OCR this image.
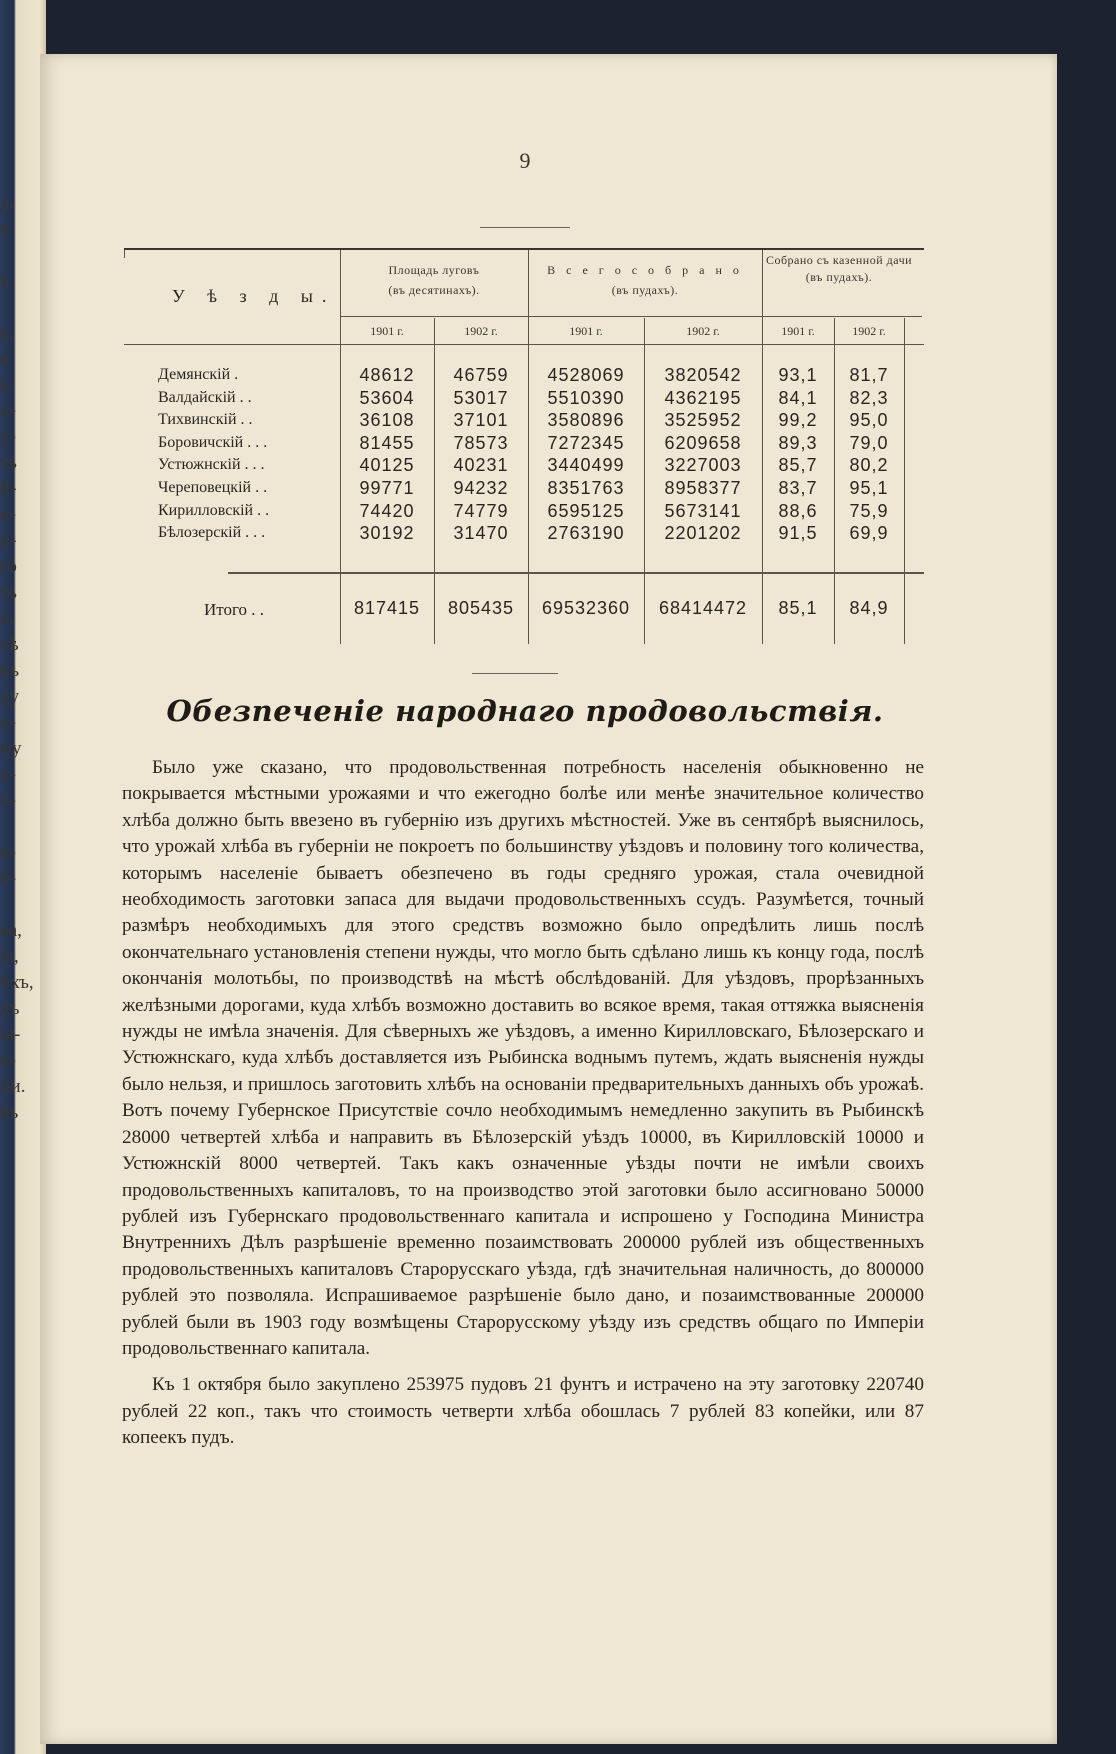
д.
ъ
ъ
ь.
о
ь.
о-
у-
ть
й-
о-
н-
го
ть
о,
сѣ
къ
ду
о-
му
у-
о-
о-
б-
ва,
ія,
ѣхъ,
дъ
ія-
о-
ііи.
въ
9
У ѣ з д ы.
Площадь луговъ
(въ десятинахъ).
В с е г о с о б р а н о
(въ пудахъ).
Собрано съ казенной дачи
(въ пудахъ).
1901 г.	1902 г.	1901 г.	1902 г.	1901 г.	1902 г.
Демянскій .	48612	46759	4528069	3820542	93,1	81,7
Валдайскій . .	53604	53017	5510390	4362195	84,1	82,3
Тихвинскій . .	36108	37101	3580896	3525952	99,2	95,0
Боровичскій . . .	81455	78573	7272345	6209658	89,3	79,0
Устюжнскій . . .	40125	40231	3440499	3227003	85,7	80,2
Череповецкій . .	99771	94232	8351763	8958377	83,7	95,1
Кирилловскій . .	74420	74779	6595125	5673141	88,6	75,9
Бѣлозерскій . . .	30192	31470	2763190	2201202	91,5	69,9
Итого . .	817415	805435	69532360	68414472	85,1	84,9
Обезпеченіе народнаго продовольствія.

Было уже сказано, что продовольственная потребность населенія обыкновенно не покрывается мѣстными урожаями и что ежегодно болѣе или менѣе значительное количество хлѣба должно быть ввезено въ губернію изъ другихъ мѣстностей. Уже въ сентябрѣ выяснилось, что урожай хлѣба въ губерніи не покроетъ по большинству уѣздовъ и половину того количества, которымъ населеніе бываетъ обезпечено въ годы средняго урожая, стала очевидной необходимость заготовки запаса для выдачи продовольственныхъ ссудъ. Разумѣется, точный размѣръ необходимыхъ для этого средствъ возможно было опредѣлить лишь послѣ окончательнаго установленія степени нужды, что могло быть сдѣлано лишь къ концу года, послѣ окончанія молотьбы, по производствѣ на мѣстѣ обслѣдованій. Для уѣздовъ, прорѣзанныхъ желѣзными дорогами, куда хлѣбъ возможно доставить во всякое время, такая оттяжка выясненія нужды не имѣла значенія. Для сѣверныхъ же уѣздовъ, а именно Кирилловскаго, Бѣлозерскаго и Устюжнскаго, куда хлѣбъ доставляется изъ Рыбинска воднымъ путемъ, ждать выясненія нужды было нельзя, и пришлось заготовить хлѣбъ на основаніи предварительныхъ данныхъ объ урожаѣ. Вотъ почему Губернское Присутствіе сочло необходимымъ немедленно закупить въ Рыбинскѣ 28000 четвертей хлѣба и направить въ Бѣлозерскій уѣздъ 10000, въ Кирилловскій 10000 и Устюжнскій 8000 четвертей. Такъ какъ означенные уѣзды почти не имѣли своихъ продовольственныхъ капиталовъ, то на производство этой заготовки было ассигновано 50000 рублей изъ Губернскаго продовольственнаго капитала и испрошено у Господина Министра Внутреннихъ Дѣлъ разрѣшеніе временно позаимствовать 200000 рублей изъ общественныхъ продовольственныхъ капиталовъ Старорусскаго уѣзда, гдѣ значительная наличность, до 800000 рублей это позволяла. Испрашиваемое разрѣшеніе было дано, и позаимствованные 200000 рублей были въ 1903 году возмѣщены Старорусскому уѣзду изъ средствъ общаго по Имперіи продовольственнаго капитала.

Къ 1 октября было закуплено 253975 пудовъ 21 фунтъ и истрачено на эту заготовку 220740 рублей 22 коп., такъ что стоимость четверти хлѣба обошлась 7 рублей 83 копейки, или 87 копеекъ пудъ.
